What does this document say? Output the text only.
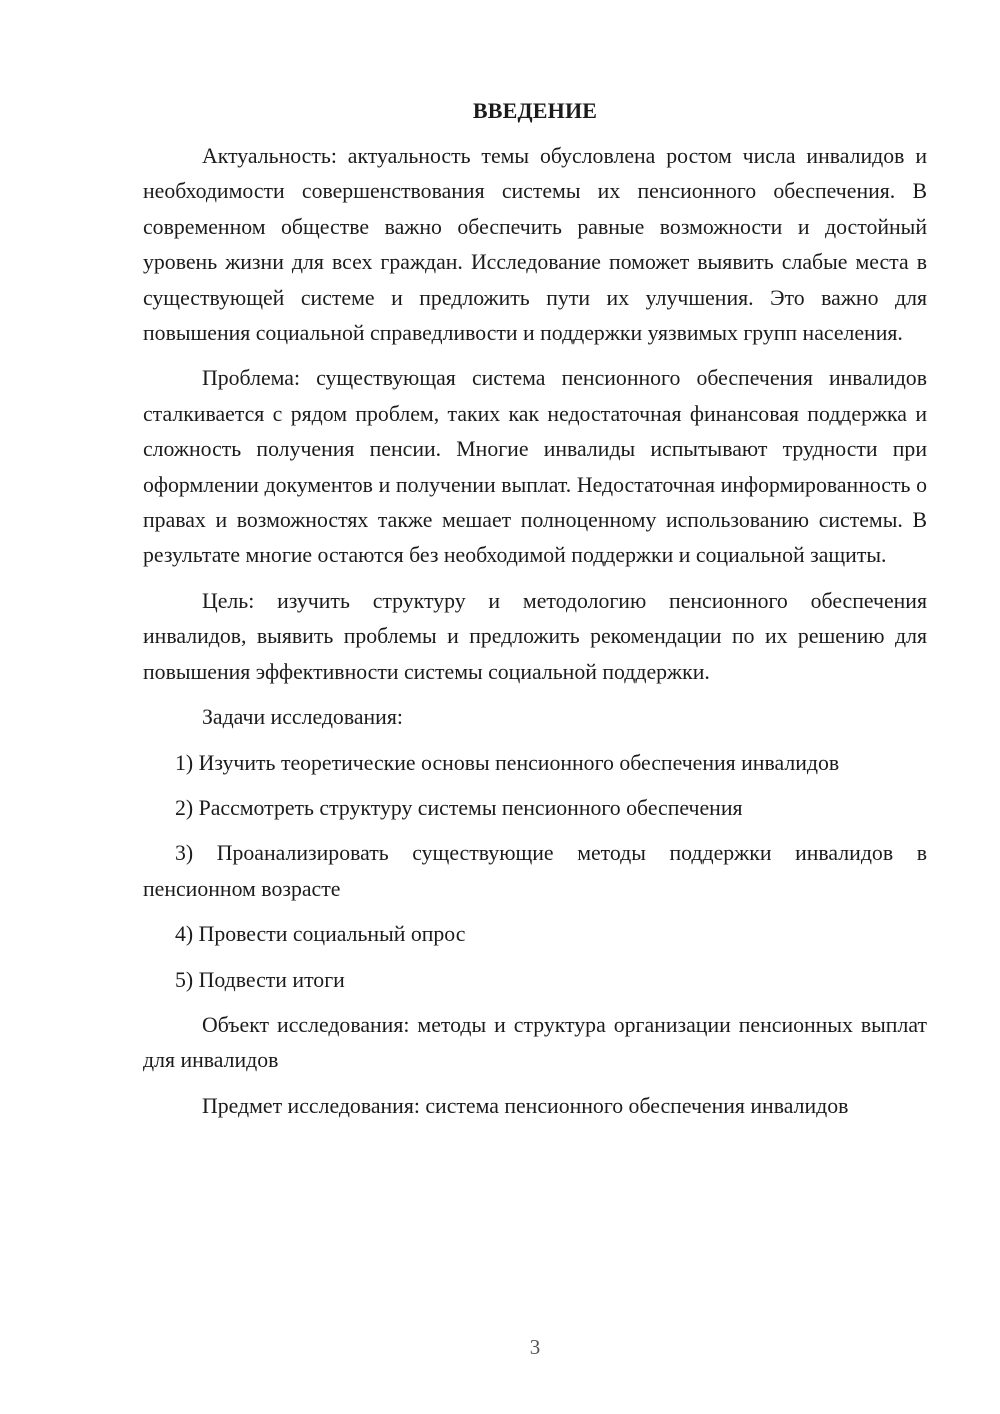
ВВЕДЕНИЕ

Актуальность: актуальность темы обусловлена ростом числа инвалидов и необходимости совершенствования системы их пенсионного обеспечения. В современном обществе важно обеспечить равные возможности и достойный уровень жизни для всех граждан. Исследование поможет выявить слабые места в существующей системе и предложить пути их улучшения. Это важно для повышения социальной справедливости и поддержки уязвимых групп населения.

Проблема: существующая система пенсионного обеспечения инвалидов сталкивается с рядом проблем, таких как недостаточная финансовая поддержка и сложность получения пенсии. Многие инвалиды испытывают трудности при оформлении документов и получении выплат. Недостаточная информированность о правах и возможностях также мешает полноценному использованию системы. В результате многие остаются без необходимой поддержки и социальной защиты.

Цель: изучить структуру и методологию пенсионного обеспечения инвалидов, выявить проблемы и предложить рекомендации по их решению для повышения эффективности системы социальной поддержки.

Задачи исследования:

1) Изучить теоретические основы пенсионного обеспечения инвалидов

2) Рассмотреть структуру системы пенсионного обеспечения

3) Проанализировать существующие методы поддержки инвалидов в пенсионном возрасте

4) Провести социальный опрос

5) Подвести итоги

Объект исследования: методы и структура организации пенсионных выплат для инвалидов

Предмет исследования: система пенсионного обеспечения инвалидов

3
